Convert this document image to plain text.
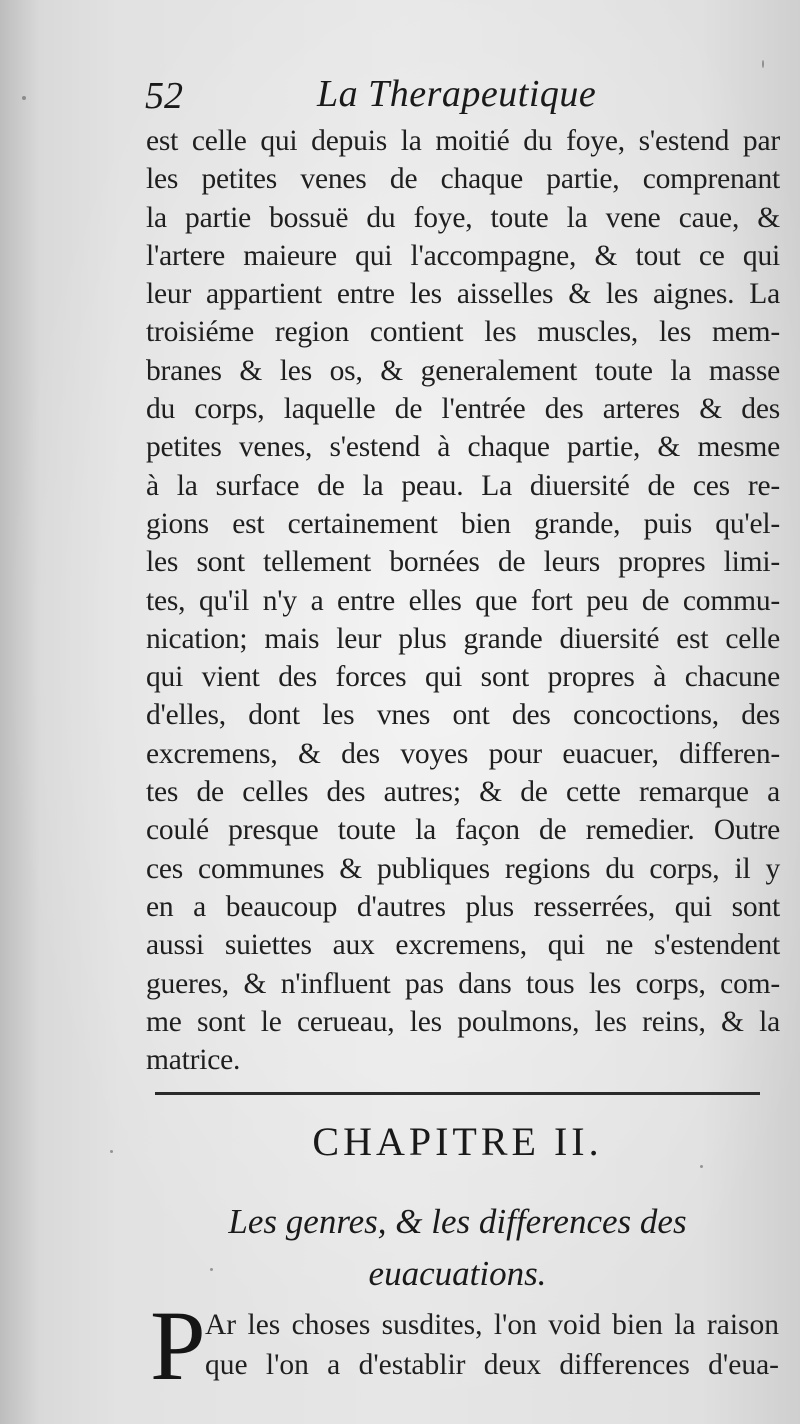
52	La Therapeutique
est celle qui depuis la moitié du foye, s'estend par
les petites venes de chaque partie, comprenant
la partie bossuë du foye, toute la vene caue, &
l'artere maieure qui l'accompagne, & tout ce qui
leur appartient entre les aisselles & les aignes. La
troisiéme region contient les muscles, les mem-
branes & les os, & generalement toute la masse
du corps, laquelle de l'entrée des arteres & des
petites venes, s'estend à chaque partie, & mesme
à la surface de la peau. La diuersité de ces re-
gions est certainement bien grande, puis qu'el-
les sont tellement bornées de leurs propres limi-
tes, qu'il n'y a entre elles que fort peu de commu-
nication; mais leur plus grande diuersité est celle
qui vient des forces qui sont propres à chacune
d'elles, dont les vnes ont des concoctions, des
excremens, & des voyes pour euacuer, differen-
tes de celles des autres; & de cette remarque a
coulé presque toute la façon de remedier. Outre
ces communes & publiques regions du corps, il y
en a beaucoup d'autres plus resserrées, qui sont
aussi suiettes aux excremens, qui ne s'estendent
gueres, & n'influent pas dans tous les corps, com-
me sont le cerueau, les poulmons, les reins, & la
matrice.
CHAPITRE II.
Les genres, & les differences des
euacuations.
P Ar les choses susdites, l'on void bien la raison
que l'on a d'establir deux differences d'eua-
